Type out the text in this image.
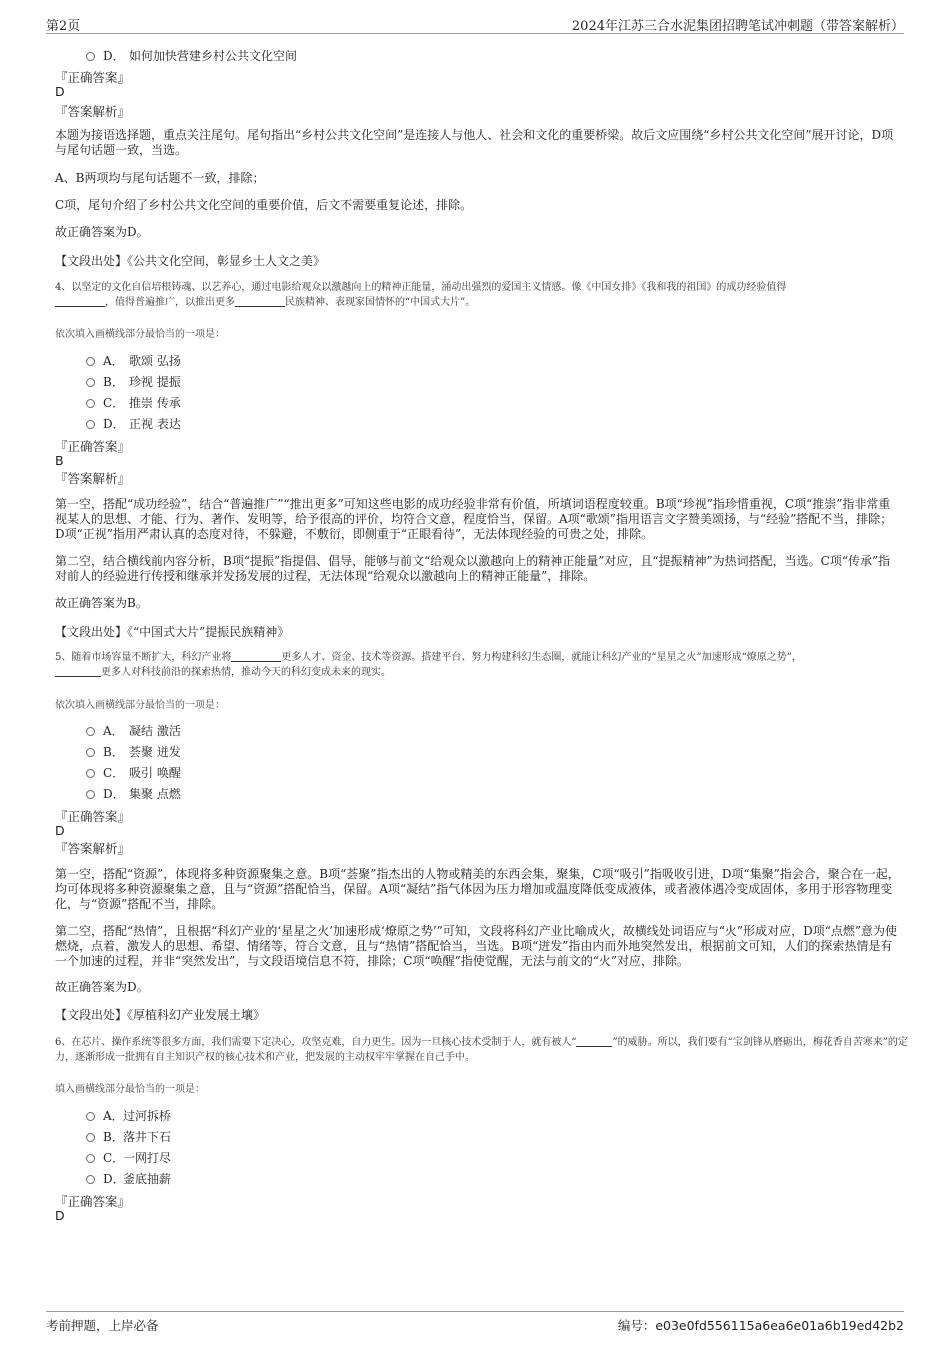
第2页	2024年江苏三合水泥集团招聘笔试冲刺题（带答案解析）
D． 如何加快营建乡村公共文化空间
『正确答案』
D
『答案解析』
本题为接语选择题，重点关注尾句。尾句指出“乡村公共文化空间”是连接人与他人、社会和文化的重要桥梁。故后文应围绕“乡村公共文化空间”展开讨论，D项与尾句话题一致，当选。
A、B两项均与尾句话题不一致，排除；
C项，尾句介绍了乡村公共文化空间的重要价值，后文不需要重复论述，排除。
故正确答案为D。
【文段出处】《公共文化空间，彰显乡土人文之美》
4、以坚定的文化自信培根铸魂、以艺养心，通过电影给观众以激越向上的精神正能量，涌动出强烈的爱国主义情感。像《中国女排》《我和我的祖国》的成功经验值得
，值得普遍推广，以推出更多	民族精神、表现家国情怀的“中国式大片”。
依次填入画横线部分最恰当的一项是：
A． 歌颂 弘扬
B． 珍视 提振
C． 推崇 传承
D． 正视 表达
『正确答案』
B
『答案解析』
第一空，搭配“成功经验”，结合“普遍推广”“推出更多”可知这些电影的成功经验非常有价值，所填词语程度较重。B项“珍视”指珍惜重视，C项“推崇”指非常重视某人的思想、才能、行为、著作、发明等，给予很高的评价，均符合文意，程度恰当，保留。A项“歌颂”指用语言文字赞美颂扬，与“经验”搭配不当，排除；D项“正视”指用严肃认真的态度对待，不躲避，不敷衍，即侧重于“正眼看待”，无法体现经验的可贵之处，排除。
第二空，结合横线前内容分析，B项“提振”指提倡、倡导，能够与前文“给观众以激越向上的精神正能量”对应，且“提振精神”为热词搭配，当选。C项“传承”指对前人的经验进行传授和继承并发扬发展的过程，无法体现“给观众以激越向上的精神正能量”，排除。
故正确答案为B。
【文段出处】《“中国式大片”提振民族精神》
5、随着市场容量不断扩大，科幻产业将	更多人才、资金、技术等资源。搭建平台、努力构建科幻生态圈，就能让科幻产业的“星星之火”加速形成“燎原之势”，
更多人对科技前沿的探索热情，推动今天的科幻变成未来的现实。
依次填入画横线部分最恰当的一项是：
A． 凝结 激活
B． 荟聚 迸发
C． 吸引 唤醒
D． 集聚 点燃
『正确答案』
D
『答案解析』
第一空，搭配“资源”，体现将多种资源聚集之意。B项“荟聚”指杰出的人物或精美的东西会集，聚集，C项“吸引”指吸收引进，D项“集聚”指会合，聚合在一起，均可体现将多种资源聚集之意，且与“资源”搭配恰当，保留。A项“凝结”指气体因为压力增加或温度降低变成液体，或者液体遇冷变成固体，多用于形容物理变化，与“资源”搭配不当，排除。
第二空，搭配“热情”，且根据“科幻产业的‘星星之火’加速形成‘燎原之势’”可知，文段将科幻产业比喻成火，故横线处词语应与“火”形成对应，D项“点燃”意为使燃烧，点着，激发人的思想、希望、情绪等，符合文意，且与“热情”搭配恰当，当选。B项“迸发”指由内而外地突然发出，根据前文可知，人们的探索热情是有一个加速的过程，并非“突然发出”，与文段语境信息不符，排除；C项“唤醒”指使觉醒，无法与前文的“火”对应，排除。
故正确答案为D。
【文段出处】《厚植科幻产业发展土壤》
6、在芯片、操作系统等很多方面，我们需要下定决心，攻坚克难，自力更生。因为一旦核心技术受制于人，就有被人“	”的威胁。所以，我们要有“宝剑锋从磨砺出，梅花香自苦寒来”的定力，逐渐形成一批拥有自主知识产权的核心技术和产业，把发展的主动权牢牢掌握在自己手中。
填入画横线部分最恰当的一项是：
A．过河拆桥
B．落井下石
C．一网打尽
D．釜底抽薪
『正确答案』
D
考前押题，上岸必备	编号：e03e0fd556115a6ea6e01a6b19ed42b2
